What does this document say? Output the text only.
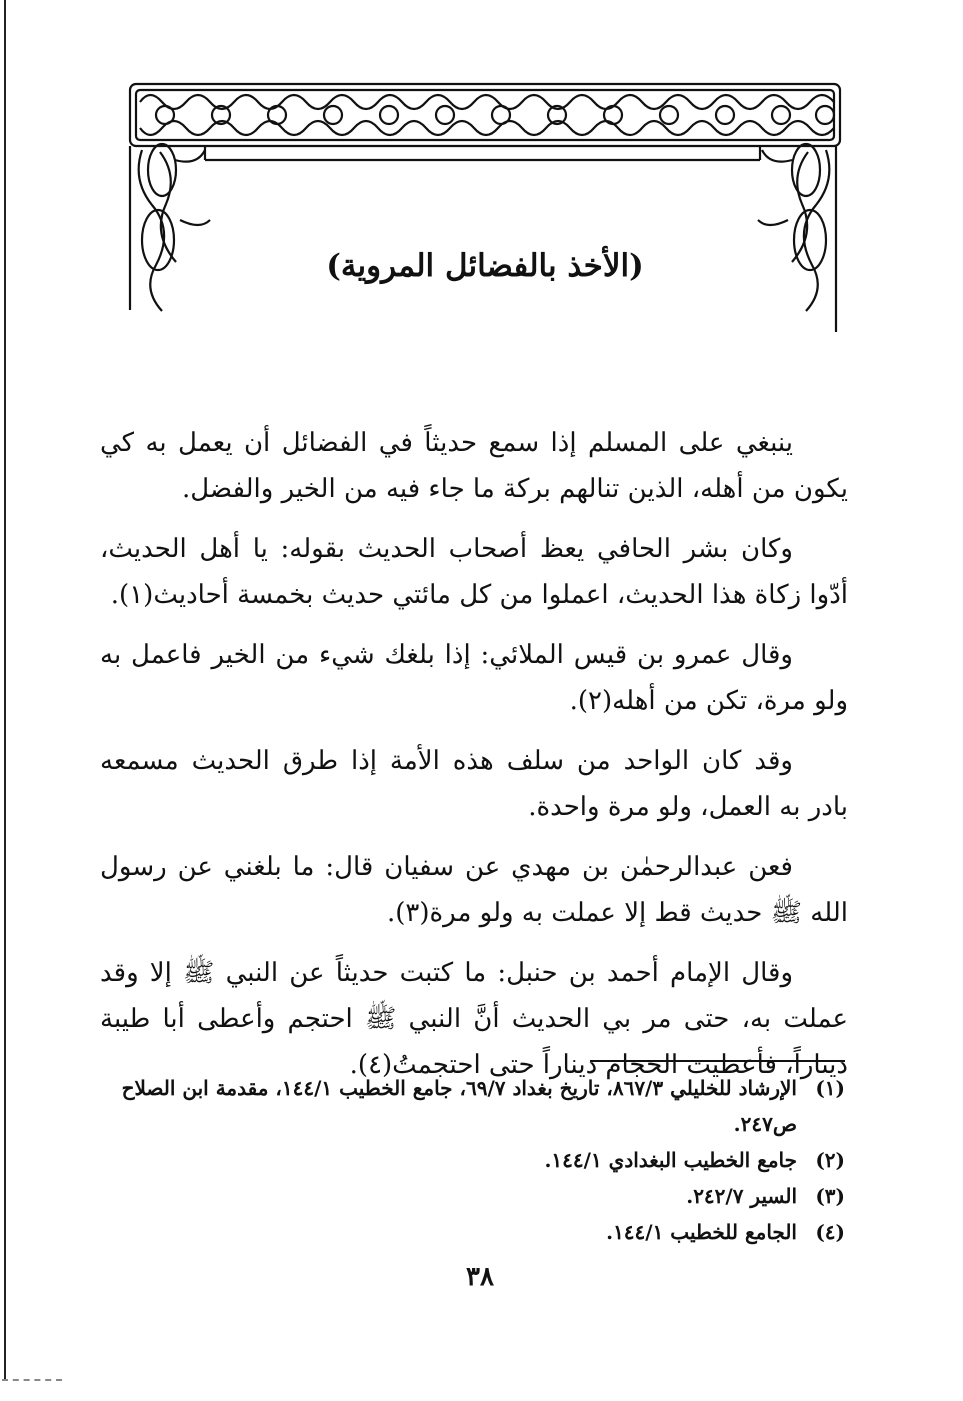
(الأخذ بالفضائل المروية)

ينبغي على المسلم إذا سمع حديثاً في الفضائل أن يعمل به كي يكون من أهله، الذين تنالهم بركة ما جاء فيه من الخير والفضل.

وكان بشر الحافي يعظ أصحاب الحديث بقوله: يا أهل الحديث، أدّوا زكاة هذا الحديث، اعملوا من كل مائتي حديث بخمسة أحاديث(١).

وقال عمرو بن قيس الملائي: إذا بلغك شيء من الخير فاعمل به ولو مرة، تكن من أهله(٢).

وقد كان الواحد من سلف هذه الأمة إذا طرق الحديث مسمعه بادر به العمل، ولو مرة واحدة.

فعن عبدالرحمٰن بن مهدي عن سفيان قال: ما بلغني عن رسول الله ﷺ حديث قط إلا عملت به ولو مرة(٣).

وقال الإمام أحمد بن حنبل: ما كتبت حديثاً عن النبي ﷺ إلا وقد عملت به، حتى مر بي الحديث أنَّ النبي ﷺ احتجم وأعطى أبا طيبة ديناراً، فأعطيت الحجام ديناراً حتى احتجمتُ(٤).

(١)
الإرشاد للخليلي ٨٦٧/٣، تاريخ بغداد ٦٩/٧، جامع الخطيب ١٤٤/١، مقدمة ابن الصلاح ص٢٤٧.
(٢)
جامع الخطيب البغدادي ١٤٤/١.
(٣)
السير ٢٤٢/٧.
(٤)
الجامع للخطيب ١٤٤/١.
٣٨
